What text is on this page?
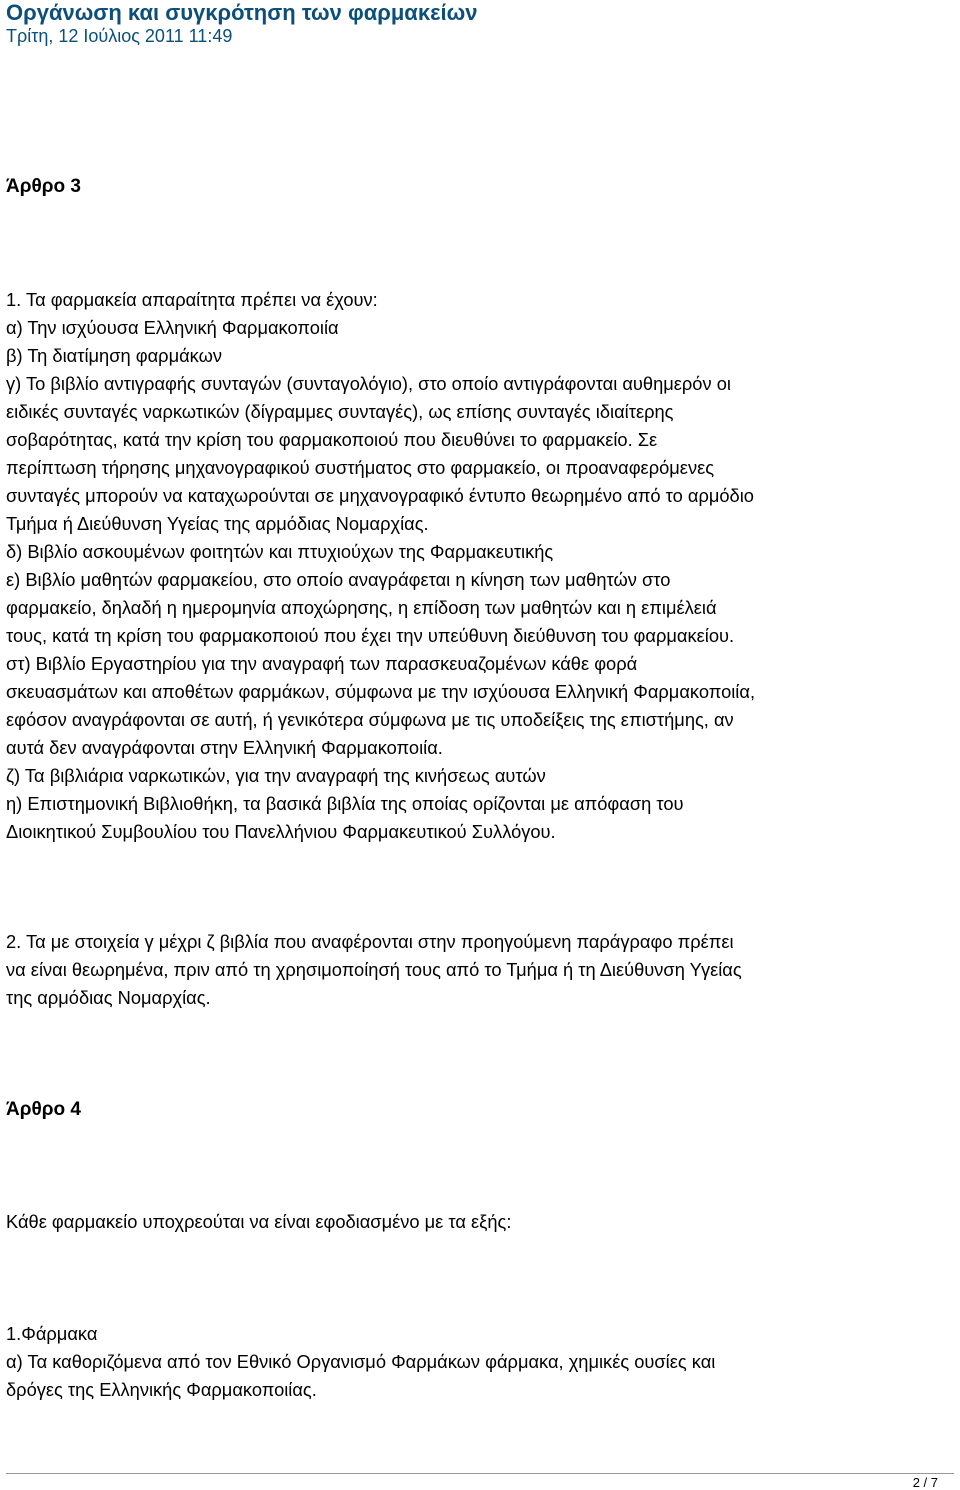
Οργάνωση και συγκρότηση των φαρμακείων
Τρίτη, 12 Ιούλιος 2011 11:49
Άρθρο 3
1. Τα φαρμακεία απαραίτητα πρέπει να έχουν:
α) Την ισχύουσα Ελληνική Φαρμακοποιία
β) Τη διατίμηση φαρμάκων
γ) Το βιβλίο αντιγραφής συνταγών (συνταγολόγιο), στο οποίο αντιγράφονται αυθημερόν οι
ειδικές συνταγές ναρκωτικών (δίγραμμες συνταγές), ως επίσης συνταγές ιδιαίτερης
σοβαρότητας, κατά την κρίση του φαρμακοποιού που διευθύνει το φαρμακείο. Σε
περίπτωση τήρησης μηχανογραφικού συστήματος στο φαρμακείο, οι προαναφερόμενες
συνταγές μπορούν να καταχωρούνται σε μηχανογραφικό έντυπο θεωρημένο από το αρμόδιο
Τμήμα ή Διεύθυνση Υγείας της αρμόδιας Νομαρχίας.
δ) Βιβλίο ασκουμένων φοιτητών και πτυχιούχων της Φαρμακευτικής
ε) Βιβλίο μαθητών φαρμακείου, στο οποίο αναγράφεται η κίνηση των μαθητών στο
φαρμακείο, δηλαδή η ημερομηνία αποχώρησης, η επίδοση των μαθητών και η επιμέλειά
τους, κατά τη κρίση του φαρμακοποιού που έχει την υπεύθυνη διεύθυνση του φαρμακείου.
στ) Βιβλίο Εργαστηρίου για την αναγραφή των παρασκευαζομένων κάθε φορά
σκευασμάτων και αποθέτων φαρμάκων, σύμφωνα με την ισχύουσα Ελληνική Φαρμακοποιία,
εφόσον αναγράφονται σε αυτή, ή γενικότερα σύμφωνα με τις υποδείξεις της επιστήμης, αν
αυτά δεν αναγράφονται στην Ελληνική Φαρμακοποιία.
ζ) Τα βιβλιάρια ναρκωτικών, για την αναγραφή της κινήσεως αυτών
η) Επιστημονική Βιβλιοθήκη, τα βασικά βιβλία της οποίας ορίζονται με απόφαση του
Διοικητικού Συμβουλίου του Πανελλήνιου Φαρμακευτικού Συλλόγου.
2. Τα με στοιχεία γ μέχρι ζ βιβλία που αναφέρονται στην προηγούμενη παράγραφο πρέπει
να είναι θεωρημένα, πριν από τη χρησιμοποίησή τους από το Τμήμα ή τη Διεύθυνση Υγείας
της αρμόδιας Νομαρχίας.
Άρθρο 4
Κάθε φαρμακείο υποχρεούται να είναι εφοδιασμένο με τα εξής:
1.Φάρμακα
α) Τα καθοριζόμενα από τον Εθνικό Οργανισμό Φαρμάκων φάρμακα, χημικές ουσίες και
δρόγες της Ελληνικής Φαρμακοποιίας.
2 / 7
